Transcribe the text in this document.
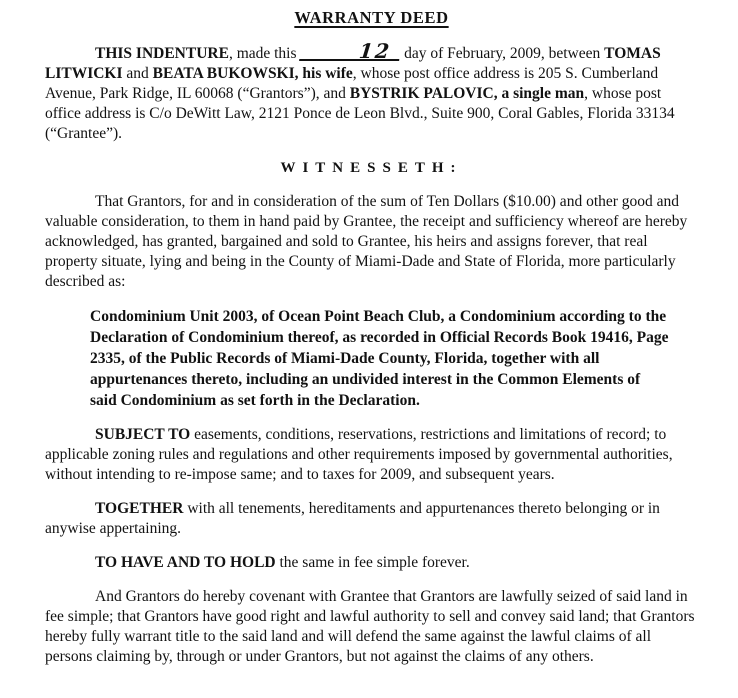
WARRANTY DEED

THIS INDENTURE, made this	12 day of February, 2009, between TOMAS LITWICKI and BEATA BUKOWSKI, his wife, whose post office address is 205 S. Cumberland Avenue, Park Ridge, IL 60068 (“Grantors”), and BYSTRIK PALOVIC, a single man, whose post office address is C/o DeWitt Law, 2121 Ponce de Leon Blvd., Suite 900, Coral Gables, Florida 33134 (“Grantee”).

WITNESSETH:

That Grantors, for and in consideration of the sum of Ten Dollars ($10.00) and other good and valuable consideration, to them in hand paid by Grantee, the receipt and sufficiency whereof are hereby acknowledged, has granted, bargained and sold to Grantee, his heirs and assigns forever, that real property situate, lying and being in the County of Miami-Dade and State of Florida, more particularly described as:

Condominium Unit 2003, of Ocean Point Beach Club, a Condominium according to the Declaration of Condominium thereof, as recorded in Official Records Book 19416, Page 2335, of the Public Records of Miami-Dade County, Florida, together with all appurtenances thereto, including an undivided interest in the Common Elements of said Condominium as set forth in the Declaration.

SUBJECT TO easements, conditions, reservations, restrictions and limitations of record; to applicable zoning rules and regulations and other requirements imposed by governmental authorities, without intending to re-impose same; and to taxes for 2009, and subsequent years.

TOGETHER with all tenements, hereditaments and appurtenances thereto belonging or in anywise appertaining.

TO HAVE AND TO HOLD the same in fee simple forever.

And Grantors do hereby covenant with Grantee that Grantors are lawfully seized of said land in fee simple; that Grantors have good right and lawful authority to sell and convey said land; that Grantors hereby fully warrant title to the said land and will defend the same against the lawful claims of all persons claiming by, through or under Grantors, but not against the claims of any others.
